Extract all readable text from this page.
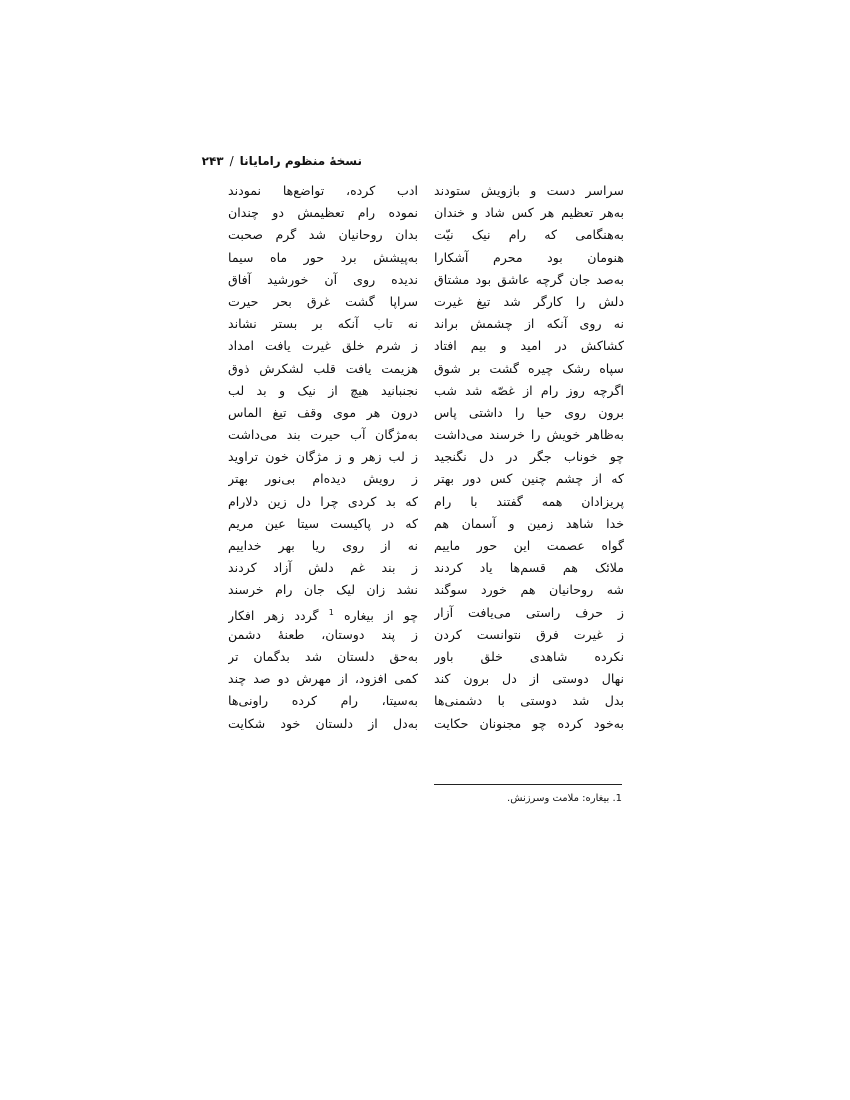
نسخهٔ منظوم رامایانا
/
۲۴۳
سراسر دست و بازویش ستودند
به‌هر تعظیم هر کس شاد و خندان
به‌هنگامی که رام نیک نیّت
هنومان بود محرم آشکارا
به‌صد جان گرچه عاشق بود مشتاق
دلش را کارگر شد تیغ غیرت
نه روی آنکه از چشمش براند
کشاکش در امید و بیم افتاد
سپاه رشک چیره گشت بر شوق
اگرچه روز رام از غصّه شد شب
برون روی حیا را داشتی پاس
به‌ظاهر خویش را خرسند می‌داشت
چو خوناب جگر در دل نگنجید
که از چشم چنین کس دور بهتر
پریزادان همه گفتند با رام
خدا شاهد زمین و آسمان هم
گواه عصمت این حور ماییم
ملائک هم قسم‌ها یاد کردند
شه روحانیان هم خورد سوگند
ز حرف راستی می‌یافت آزار
ز غیرت فرق نتوانست کردن
نکرده شاهدی خلق باور
نهال دوستی از دل برون کند
بدل شد دوستی با دشمنی‌ها
به‌خود کرده چو مجنونان حکایت
ادب کرده، تواضع‌ها نمودند
نموده رام تعظیمش دو چندان
بدان روحانیان شد گرم صحبت
به‌پیشش برد حور ماه سیما
ندیده روی آن خورشید آفاق
سراپا گشت غرق بحر حیرت
نه تاب آنکه بر بستر نشاند
ز شرم خلق غیرت یافت امداد
هزیمت یافت قلب لشکرش ذوق
نجنبانید هیچ از نیک و بد لب
درون هر موی وقف تیغ الماس
به‌مژگان آب حیرت بند می‌داشت
ز لب زهر و ز مژگان خون تراوید
ز رویش دیده‌ام بی‌نور بهتر
که بد کردی چرا دل زین دلارام
که در پاکیست سیتا عین مریم
نه از روی ریا بهر خداییم
ز بند غم دلش آزاد کردند
نشد زان لیک جان رام خرسند
چو از بیغاره $^1$ گردد زهر افکار
ز پند دوستان، طعنهٔ دشمن
به‌حق دلستان شد بدگمان تر
کمی افزود، از مهرش دو صد چند
به‌سیتا، رام کرده راونی‌ها
به‌دل از دلستان خود شکایت
1. بیغاره: ملامت وسرزنش.
